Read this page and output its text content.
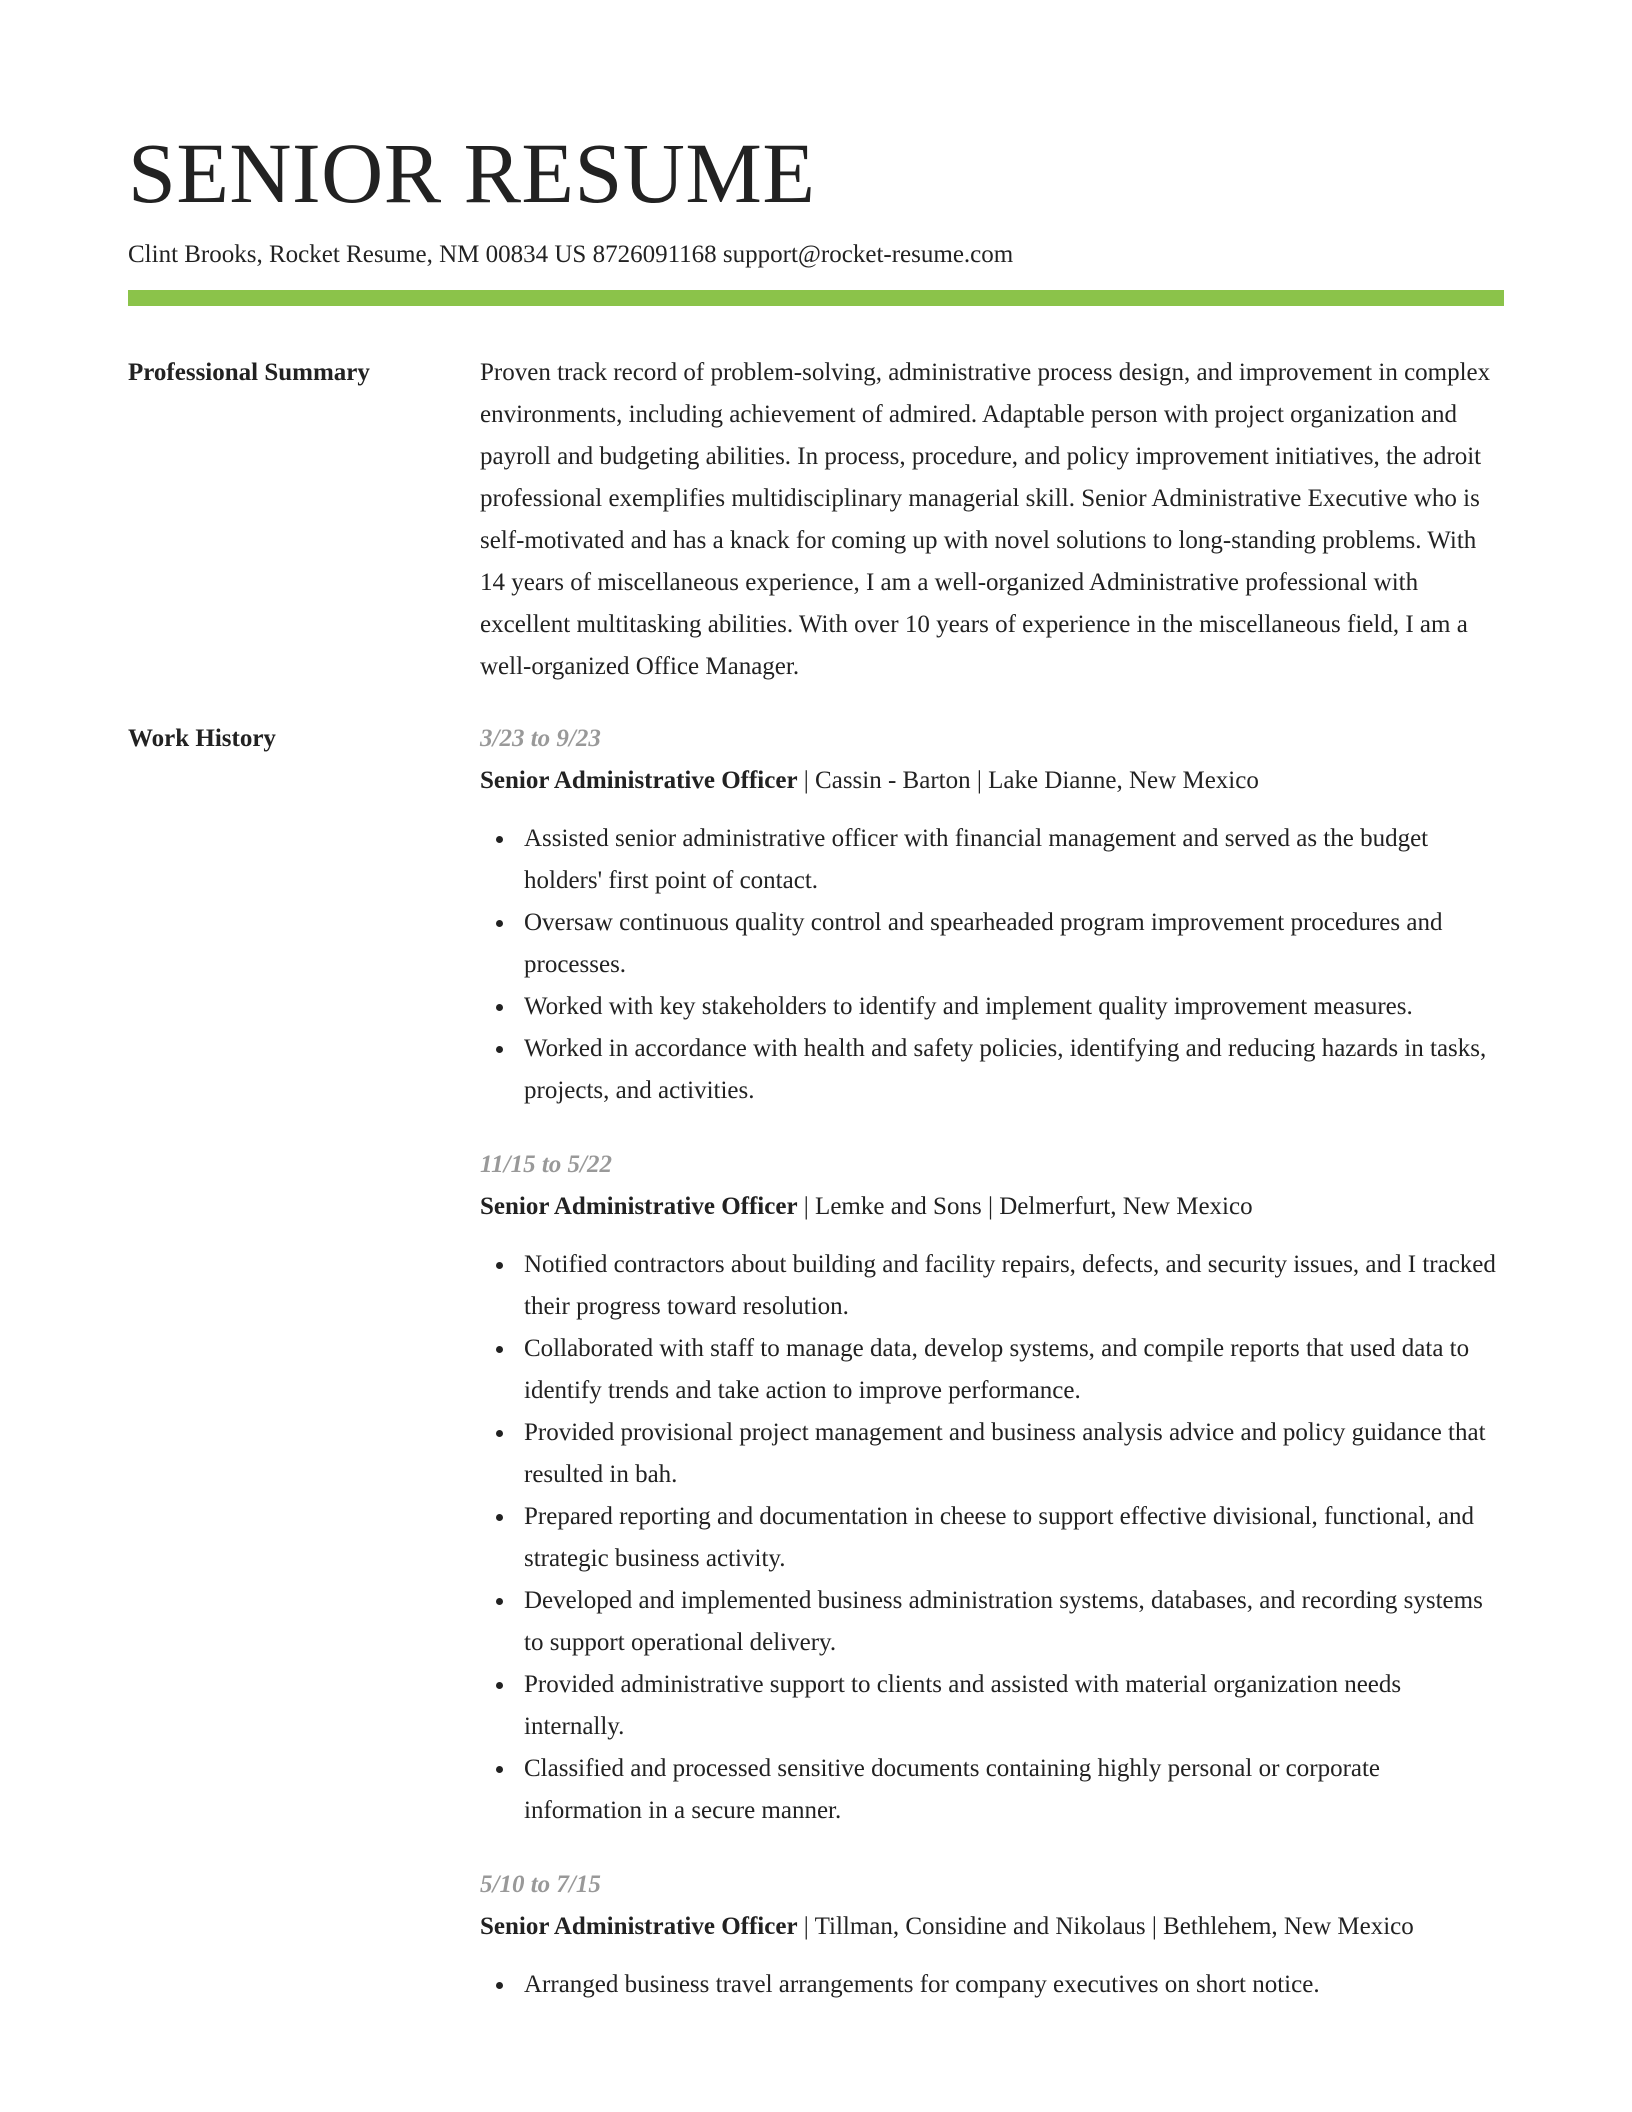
SENIOR RESUME
Clint Brooks, Rocket Resume, NM 00834 US 8726091168 support@rocket-resume.com
Professional Summary	Proven track record of problem-solving, administrative process design, and improvement in complex environments, including achievement of admired. Adaptable person with project organization and payroll and budgeting abilities. In process, procedure, and policy improvement initiatives, the adroit professional exemplifies multidisciplinary managerial skill. Senior Administrative Executive who is self-motivated and has a knack for coming up with novel solutions to long-standing problems. With 14 years of miscellaneous experience, I am a well-organized Administrative professional with excellent multitasking abilities. With over 10 years of experience in the miscellaneous field, I am a well-organized Office Manager.

Work History	3/23 to 9/23
Senior Administrative Officer | Cassin - Barton | Lake Dianne, New Mexico
Assisted senior administrative officer with financial management and served as the budget holders' first point of contact.
Oversaw continuous quality control and spearheaded program improvement procedures and processes.
Worked with key stakeholders to identify and implement quality improvement measures.
Worked in accordance with health and safety policies, identifying and reducing hazards in tasks, projects, and activities.
11/15 to 5/22
Senior Administrative Officer | Lemke and Sons | Delmerfurt, New Mexico
Notified contractors about building and facility repairs, defects, and security issues, and I tracked their progress toward resolution.
Collaborated with staff to manage data, develop systems, and compile reports that used data to identify trends and take action to improve performance.
Provided provisional project management and business analysis advice and policy guidance that resulted in bah.
Prepared reporting and documentation in cheese to support effective divisional, functional, and strategic business activity.
Developed and implemented business administration systems, databases, and recording systems to support operational delivery.
Provided administrative support to clients and assisted with material organization needs internally.
Classified and processed sensitive documents containing highly personal or corporate information in a secure manner.
5/10 to 7/15
Senior Administrative Officer | Tillman, Considine and Nikolaus | Bethlehem, New Mexico
Arranged business travel arrangements for company executives on short notice.
